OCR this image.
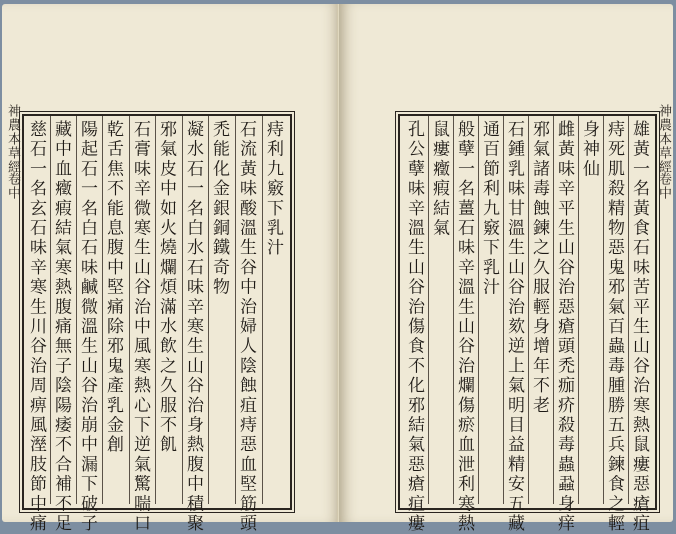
神農本草經
卷中	痔利九竅下乳汁
石流黃味酸溫生谷中治婦人陰蝕疽痔惡血堅筋頭
禿能化金銀銅鐵奇物
凝水石一名白水石味辛寒生山谷治身熱腹中積聚
邪氣皮中如火燒爛煩滿水飲之久服不飢
石膏味辛微寒生山谷治中風寒熱心下逆氣驚喘口
乾舌焦不能息腹中堅痛除邪鬼產乳金創
陽起石一名白石味鹹微溫生山谷治崩中漏下破子
藏中血癥瘕結氣寒熱腹痛無子陰陽痿不合補不足
慈石一名玄石味辛寒生川谷治周痹風溼肢節中痛	雄黃一名黃食石味苦平生山谷治寒熱鼠瘻惡瘡疽
痔死肌殺精物惡鬼邪氣百蟲毒腫勝五兵鍊食之輕
身神仙
雌黃味辛平生山谷治惡瘡頭禿痂疥殺毒蟲蝨身痒
邪氣諸毒蝕鍊之久服輕身增年不老
石鍾乳味甘溫生山谷治欬逆上氣明目益精安五藏
通百節利九竅下乳汁
般孽一名薑石味辛溫生山谷治爛傷瘀血泄利寒熱
鼠瘻癥瘕結氣
孔公孽味辛溫生山谷治傷食不化邪結氣惡瘡疽瘻	神農本草經
卷中
